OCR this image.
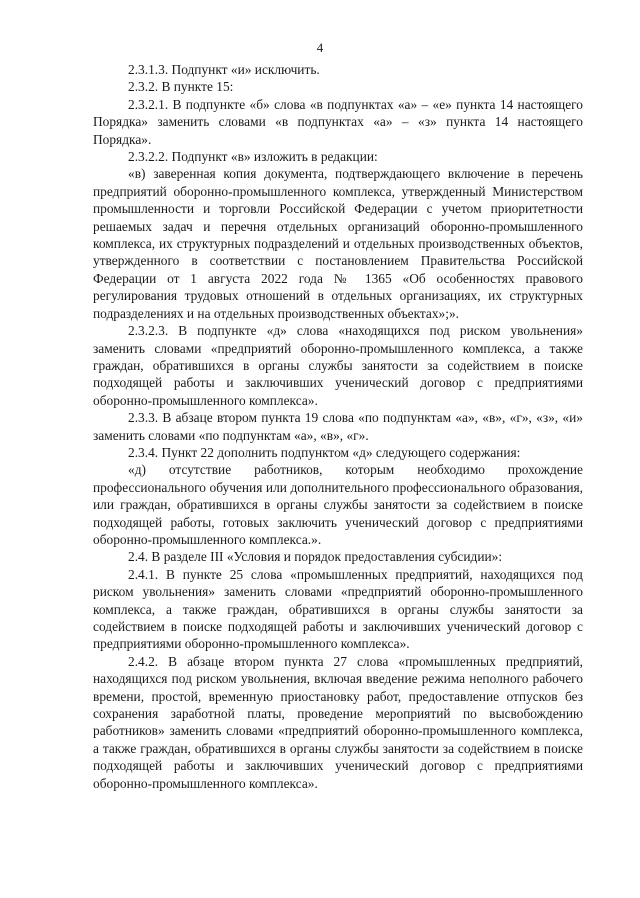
4

2.3.1.3. Подпункт «и» исключить.

2.3.2. В пункте 15:

2.3.2.1. В подпункте «б» слова «в подпунктах «а» – «е» пункта 14 настоящего Порядка» заменить словами «в подпунктах «а» – «з» пункта 14 настоящего Порядка».

2.3.2.2. Подпункт «в» изложить в редакции:

«в) заверенная копия документа, подтверждающего включение в перечень предприятий оборонно-промышленного комплекса, утвержденный Министерством промышленности и торговли Российской Федерации с учетом приоритетности решаемых задач и перечня отдельных организаций оборонно-промышленного комплекса, их структурных подразделений и отдельных производственных объектов, утвержденного в соответствии с постановлением Правительства Российской Федерации от 1 августа 2022 года № 1365 «Об особенностях правового регулирования трудовых отношений в отдельных организациях, их структурных подразделениях и на отдельных производственных объектах»;».

2.3.2.3. В подпункте «д» слова «находящихся под риском увольнения» заменить словами «предприятий оборонно-промышленного комплекса, а также граждан, обратившихся в органы службы занятости за содействием в поиске подходящей работы и заключивших ученический договор с предприятиями оборонно-промышленного комплекса».

2.3.3. В абзаце втором пункта 19 слова «по подпунктам «а», «в», «г», «з», «и» заменить словами «по подпунктам «а», «в», «г».

2.3.4. Пункт 22 дополнить подпунктом «д» следующего содержания:

«д) отсутствие работников, которым необходимо прохождение профессионального обучения или дополнительного профессионального образования, или граждан, обратившихся в органы службы занятости за содействием в поиске подходящей работы, готовых заключить ученический договор с предприятиями оборонно-промышленного комплекса.».

2.4. В разделе III «Условия и порядок предоставления субсидии»:

2.4.1. В пункте 25 слова «промышленных предприятий, находящихся под риском увольнения» заменить словами «предприятий оборонно-промышленного комплекса, а также граждан, обратившихся в органы службы занятости за содействием в поиске подходящей работы и заключивших ученический договор с предприятиями оборонно-промышленного комплекса».

2.4.2. В абзаце втором пункта 27 слова «промышленных предприятий, находящихся под риском увольнения, включая введение режима неполного рабочего времени, простой, временную приостановку работ, предоставление отпусков без сохранения заработной платы, проведение мероприятий по высвобождению работников» заменить словами «предприятий оборонно-промышленного комплекса, а также граждан, обратившихся в органы службы занятости за содействием в поиске подходящей работы и заключивших ученический договор с предприятиями оборонно-промышленного комплекса».
